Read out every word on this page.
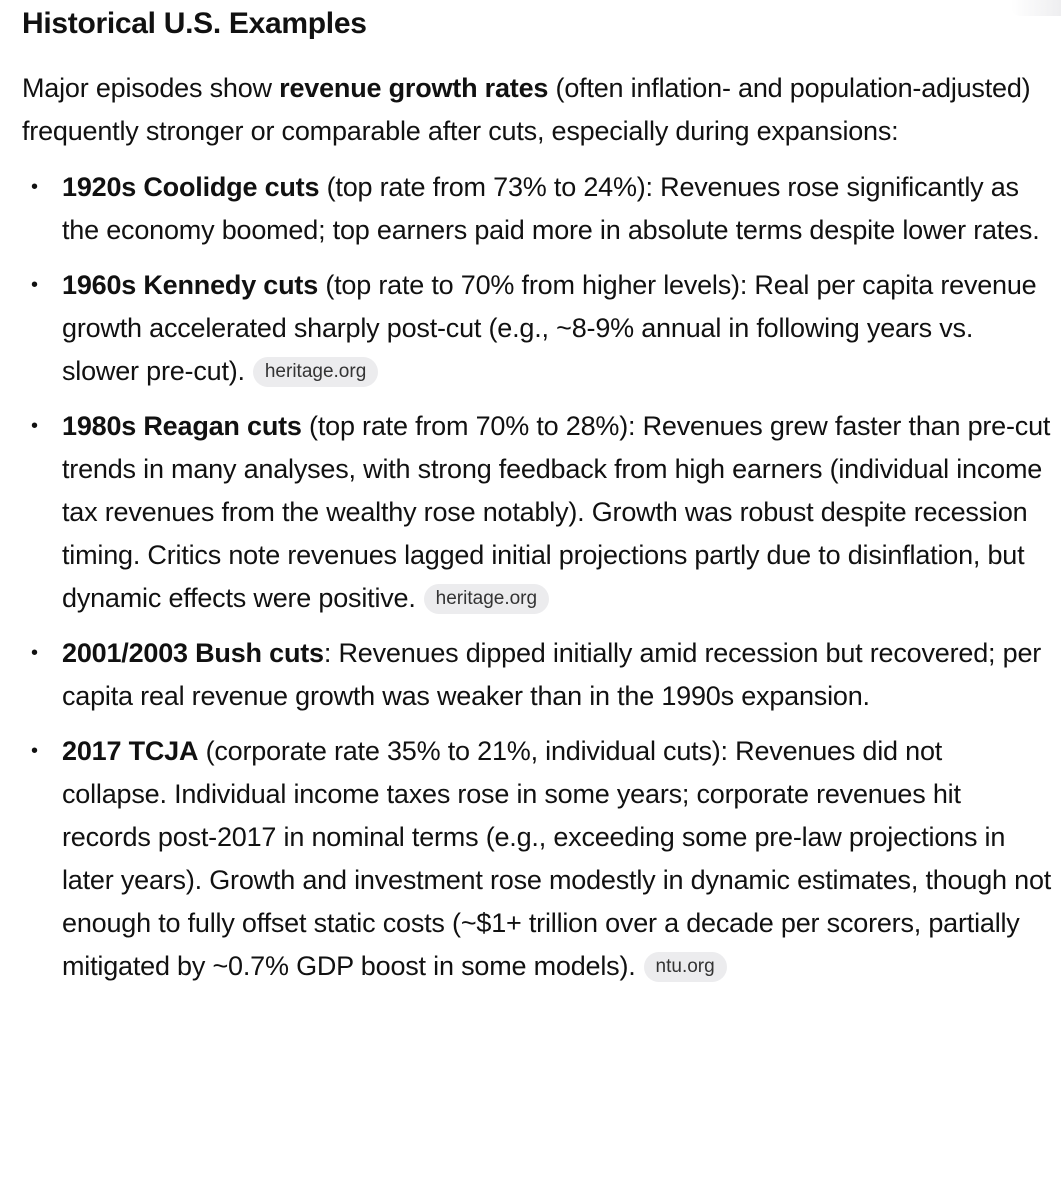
Historical U.S. Examples

Major episodes show revenue growth rates (often inflation- and population-adjusted) frequently stronger or comparable after cuts, especially during expansions:

• 1920s Coolidge cuts (top rate from 73% to 24%): Revenues rose significantly as the economy boomed; top earners paid more in absolute terms despite lower rates.
• 1960s Kennedy cuts (top rate to 70% from higher levels): Real per capita revenue growth accelerated sharply post-cut (e.g., ~8-9% annual in following years vs. slower pre-cut). heritage.org
• 1980s Reagan cuts (top rate from 70% to 28%): Revenues grew faster than pre-cut trends in many analyses, with strong feedback from high earners (individual income tax revenues from the wealthy rose notably). Growth was robust despite recession timing. Critics note revenues lagged initial projections partly due to disinflation, but dynamic effects were positive. heritage.org
• 2001/2003 Bush cuts: Revenues dipped initially amid recession but recovered; per capita real revenue growth was weaker than in the 1990s expansion.
• 2017 TCJA (corporate rate 35% to 21%, individual cuts): Revenues did not collapse. Individual income taxes rose in some years; corporate revenues hit records post-2017 in nominal terms (e.g., exceeding some pre-law projections in later years). Growth and investment rose modestly in dynamic estimates, though not enough to fully offset static costs (~$1+ trillion over a decade per scorers, partially mitigated by ~0.7% GDP boost in some models). ntu.org
